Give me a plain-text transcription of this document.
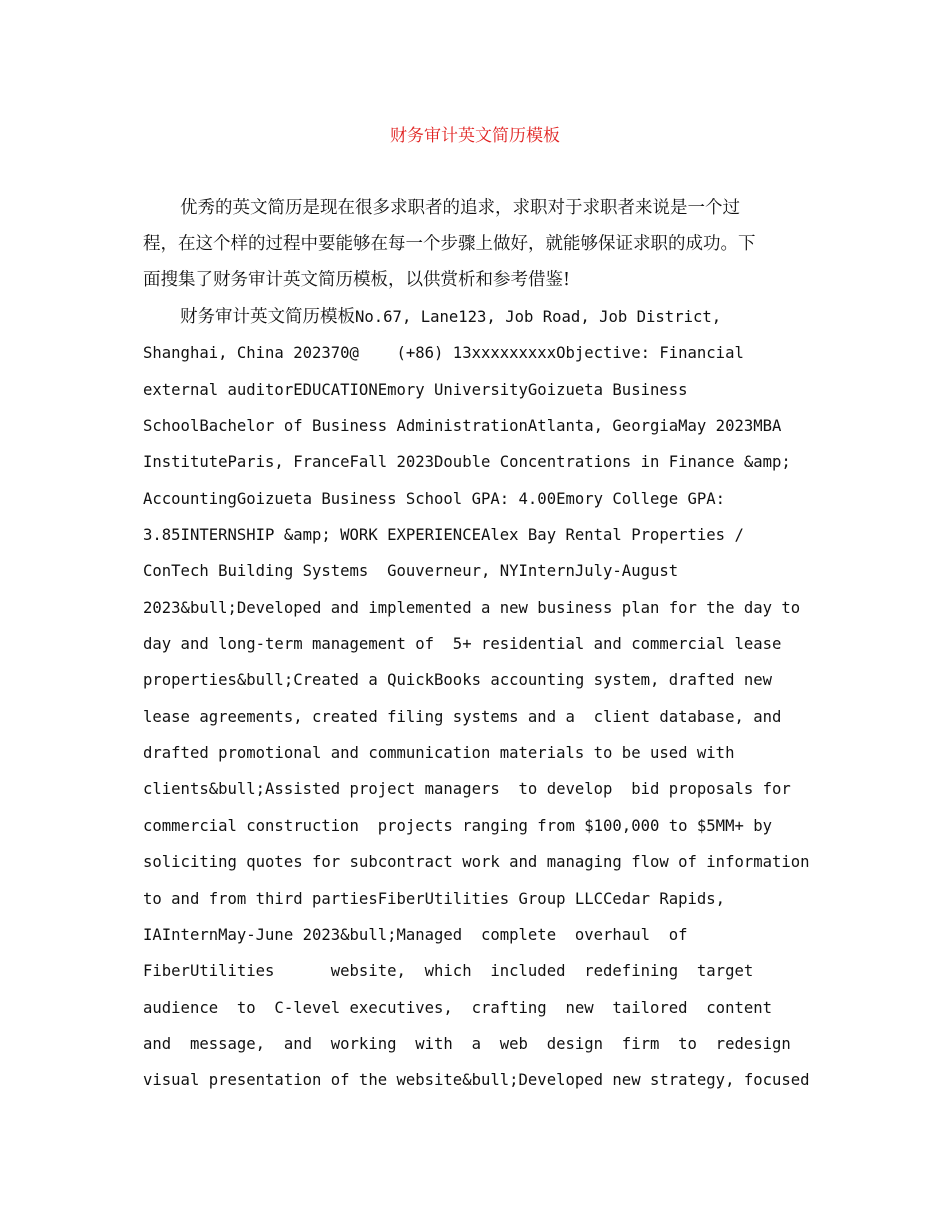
财务审计英文简历模板
优秀的英文简历是现在很多求职者的追求，求职对于求职者来说是一个过
程，在这个样的过程中要能够在每一个步骤上做好，就能够保证求职的成功。下
面搜集了财务审计英文简历模板，以供赏析和参考借鉴!
财务审计英文简历模板No.67, Lane123, Job Road, Job District,
Shanghai, China 202370@    (+86) 13xxxxxxxxxObjective: Financial
external auditorEDUCATIONEmory UniversityGoizueta Business
SchoolBachelor of Business AdministrationAtlanta, GeorgiaMay 2023MBA
InstituteParis, FranceFall 2023Double Concentrations in Finance &amp;
AccountingGoizueta Business School GPA: 4.00Emory College GPA:
3.85INTERNSHIP &amp; WORK EXPERIENCEAlex Bay Rental Properties /
ConTech Building Systems  Gouverneur, NYInternJuly-August
2023&bull;Developed and implemented a new business plan for the day to
day and long-term management of  5+ residential and commercial lease
properties&bull;Created a QuickBooks accounting system, drafted new
lease agreements, created filing systems and a  client database, and
drafted promotional and communication materials to be used with
clients&bull;Assisted project managers  to develop  bid proposals for
commercial construction  projects ranging from $100,000 to $5MM+ by
soliciting quotes for subcontract work and managing flow of information
to and from third partiesFiberUtilities Group LLCCedar Rapids,
IAInternMay-June 2023&bull;Managed  complete  overhaul  of
FiberUtilities      website,  which  included  redefining  target
audience  to  C-level executives,  crafting  new  tailored  content
and  message,  and  working  with  a  web  design  firm  to  redesign
visual presentation of the website&bull;Developed new strategy, focused
